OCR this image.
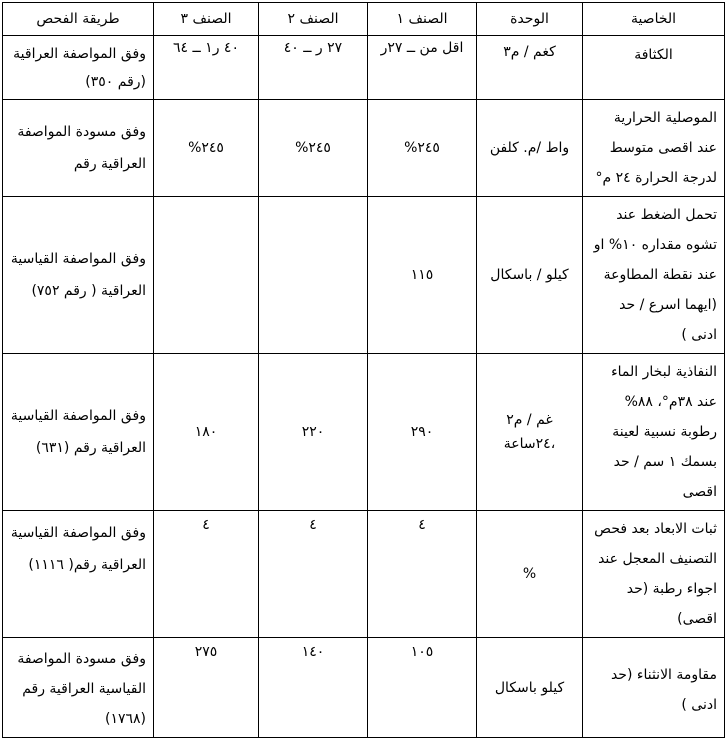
الخاصية	الوحدة	الصنف ١	الصنف ٢	الصنف ٣	طريقة الفحص
الكثافة	كغم / م٣	اقل من ــ ٢٧ر	٢٧ ر ــ ٤٠	٤٠ ر١ ــ ٦٤	وفق المواصفة العراقية (رقم ٣٥٠)
الموصلية الحرارية عند اقصى متوسط لدرجة الحرارة ٢٤ م°	واط /م. كلفن	٢٤٥%	٢٤٥%	٢٤٥%	وفق مسودة المواصفة العراقية رقم
تحمل الضغط عند تشوه مقداره ١٠% او عند نقطة المطاوعة (ايهما اسرع / حد ادنى )	كيلو / باسكال	١١٥			وفق المواصفة القياسية العراقية ( رقم ٧٥٢)
النفاذية لبخار الماء عند ٣٨م°، ٨٨% رطوبة نسبية لعينة بسمك ١ سم / حد اقصى	غم / م٢ ،٢٤ساعة	٢٩٠	٢٢٠	١٨٠	وفق المواصفة القياسية العراقية رقم (٦٣١)
ثبات الابعاد بعد فحص التصنيف المعجل عند اجواء رطبة (حد اقصى)	%	٤	٤	٤	وفق المواصفة القياسية العراقية رقم( ١١١٦)
مقاومة الانثناء (حد ادنى )	كيلو باسكال	١٠٥	١٤٠	٢٧٥	وفق مسودة المواصفة القياسية العراقية رقم (١٧٦٨)
